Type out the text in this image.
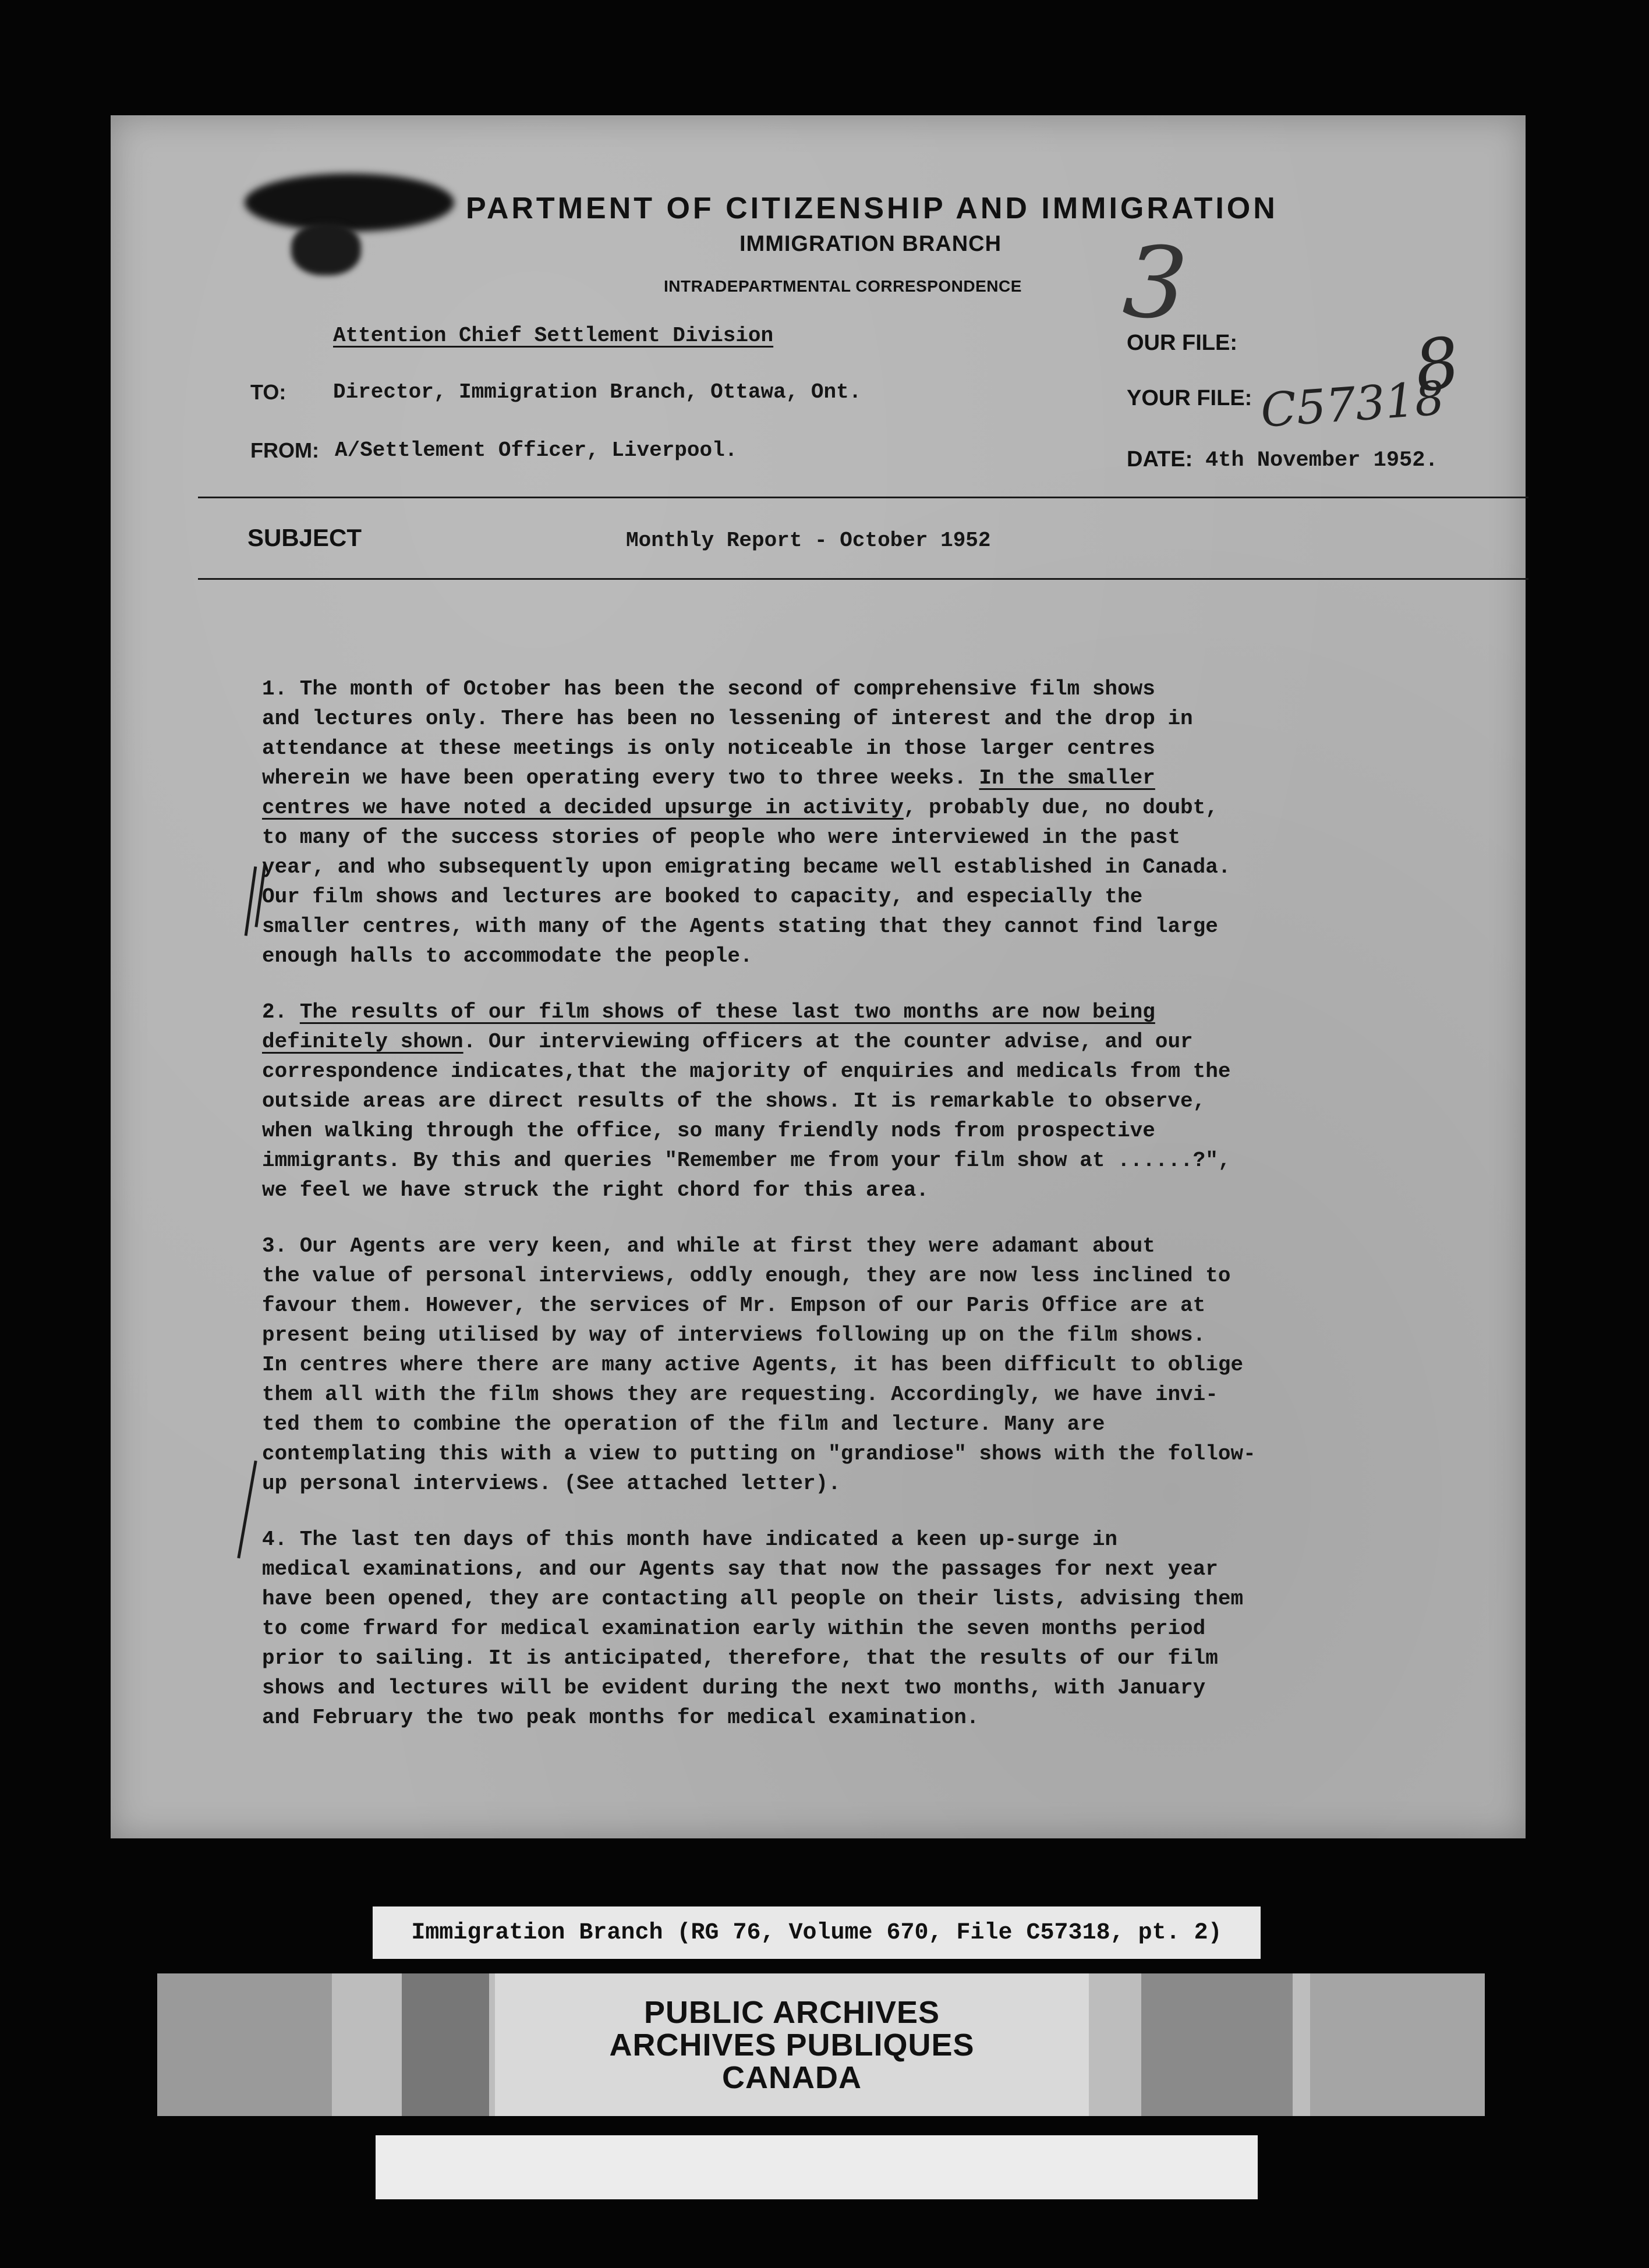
PARTMENT OF CITIZENSHIP AND IMMIGRATION
IMMIGRATION BRANCH
INTRADEPARTMENTAL CORRESPONDENCE 3
8
Attention Chief Settlement Division
TO: Director, Immigration Branch, Ottawa, Ont.
FROM: A/Settlement Officer, Liverpool.
OUR FILE:
YOUR FILE: C57318
DATE: 4th November 1952.
SUBJECT	Monthly Report - October 1952

1. The month of October has been the second of comprehensive film shows
and lectures only. There has been no lessening of interest and the drop in
attendance at these meetings is only noticeable in those larger centres
wherein we have been operating every two to three weeks. In the smaller
centres we have noted a decided upsurge in activity, probably due, no doubt,
to many of the success stories of people who were interviewed in the past
year, and who subsequently upon emigrating became well established in Canada.
Our film shows and lectures are booked to capacity, and especially the
smaller centres, with many of the Agents stating that they cannot find large
enough halls to accommodate the people.

2. The results of our film shows of these last two months are now being
definitely shown. Our interviewing officers at the counter advise, and our
correspondence indicates,that the majority of enquiries and medicals from the
outside areas are direct results of the shows. It is remarkable to observe,
when walking through the office, so many friendly nods from prospective
immigrants. By this and queries "Remember me from your film show at ......?",
we feel we have struck the right chord for this area.

3. Our Agents are very keen, and while at first they were adamant about
the value of personal interviews, oddly enough, they are now less inclined to
favour them. However, the services of Mr. Empson of our Paris Office are at
present being utilised by way of interviews following up on the film shows.
In centres where there are many active Agents, it has been difficult to oblige
them all with the film shows they are requesting. Accordingly, we have invi-
ted them to combine the operation of the film and lecture. Many are
contemplating this with a view to putting on "grandiose" shows with the follow-
up personal interviews. (See attached letter).

4. The last ten days of this month have indicated a keen up-surge in
medical examinations, and our Agents say that now the passages for next year
have been opened, they are contacting all people on their lists, advising them
to come frward for medical examination early within the seven months period
prior to sailing. It is anticipated, therefore, that the results of our film
shows and lectures will be evident during the next two months, with January
and February the two peak months for medical examination.

Immigration Branch (RG 76, Volume 670, File C57318, pt. 2)
PUBLIC ARCHIVES
ARCHIVES PUBLIQUES
CANADA
